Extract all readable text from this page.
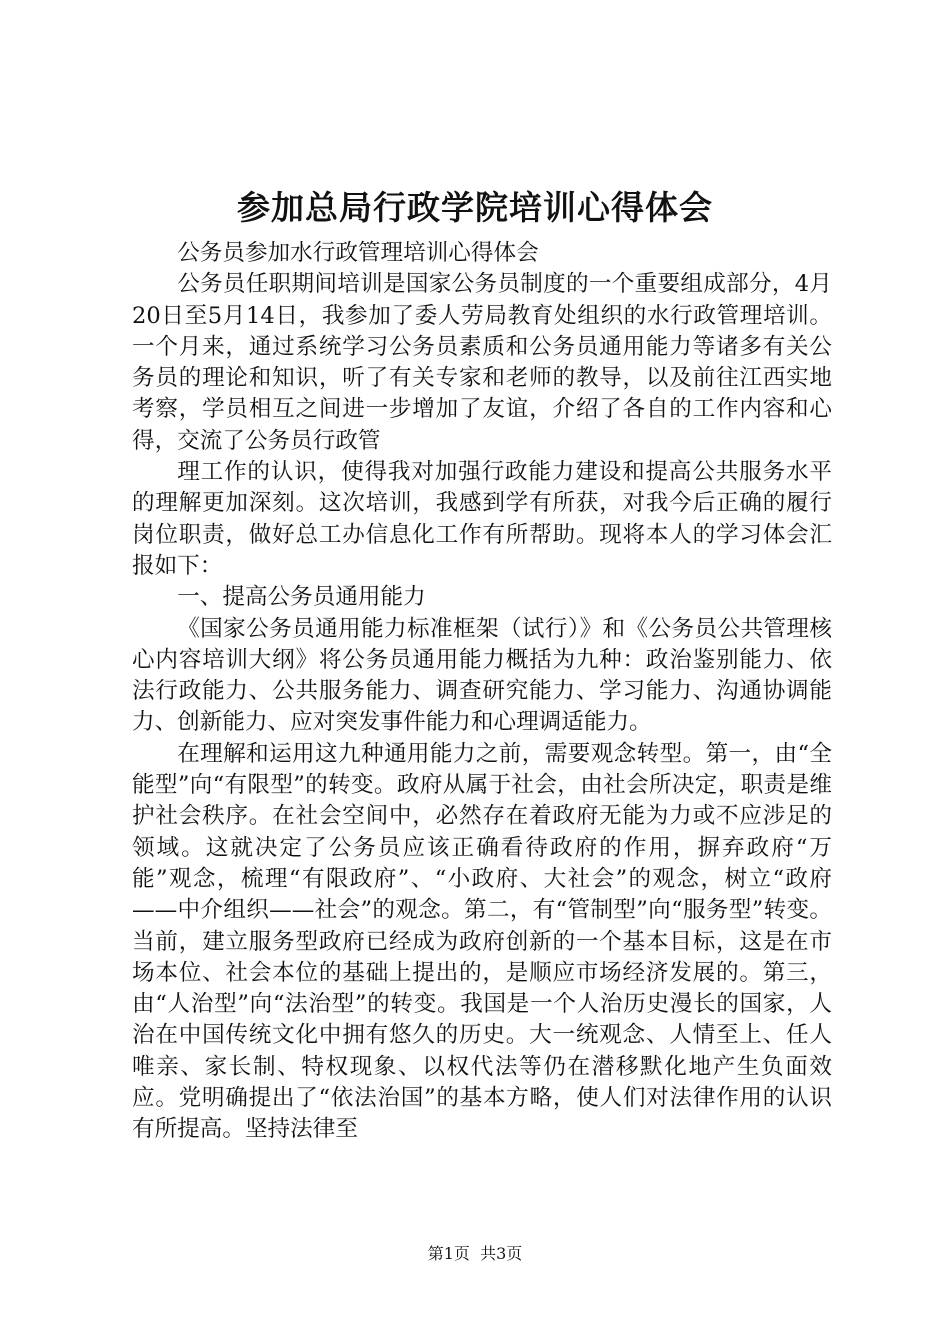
参加总局行政学院培训心得体会

公务员参加水行政管理培训心得体会

公务员任职期间培训是国家公务员制度的一个重要组成部分，4月20日至5月14日，我参加了委人劳局教育处组织的水行政管理培训。一个月来，通过系统学习公务员素质和公务员通用能力等诸多有关公务员的理论和知识，听了有关专家和老师的教导，以及前往江西实地考察，学员相互之间进一步增加了友谊，介绍了各自的工作内容和心得，交流了公务员行政管

理工作的认识，使得我对加强行政能力建设和提高公共服务水平的理解更加深刻。这次培训，我感到学有所获，对我今后正确的履行岗位职责，做好总工办信息化工作有所帮助。现将本人的学习体会汇报如下：

一、提高公务员通用能力

《国家公务员通用能力标准框架（试行）》和《公务员公共管理核心内容培训大纲》将公务员通用能力概括为九种：政治鉴别能力、依法行政能力、公共服务能力、调查研究能力、学习能力、沟通协调能力、创新能力、应对突发事件能力和心理调适能力。

在理解和运用这九种通用能力之前，需要观念转型。第一，由“全能型”向“有限型”的转变。政府从属于社会，由社会所决定，职责是维护社会秩序。在社会空间中，必然存在着政府无能为力或不应涉足的领域。这就决定了公务员应该正确看待政府的作用，摒弃政府“万能”观念，梳理“有限政府”、“小政府、大社会”的观念，树立“政府——中介组织——社会”的观念。第二，有“管制型”向“服务型”转变。当前，建立服务型政府已经成为政府创新的一个基本目标，这是在市场本位、社会本位的基础上提出的，是顺应市场经济发展的。第三，由“人治型”向“法治型”的转变。我国是一个人治历史漫长的国家，人治在中国传统文化中拥有悠久的历史。大一统观念、人情至上、任人唯亲、家长制、特权现象、以权代法等仍在潜移默化地产生负面效应。党明确提出了“依法治国”的基本方略，使人们对法律作用的认识有所提高。坚持法律至

第1页 共3页
